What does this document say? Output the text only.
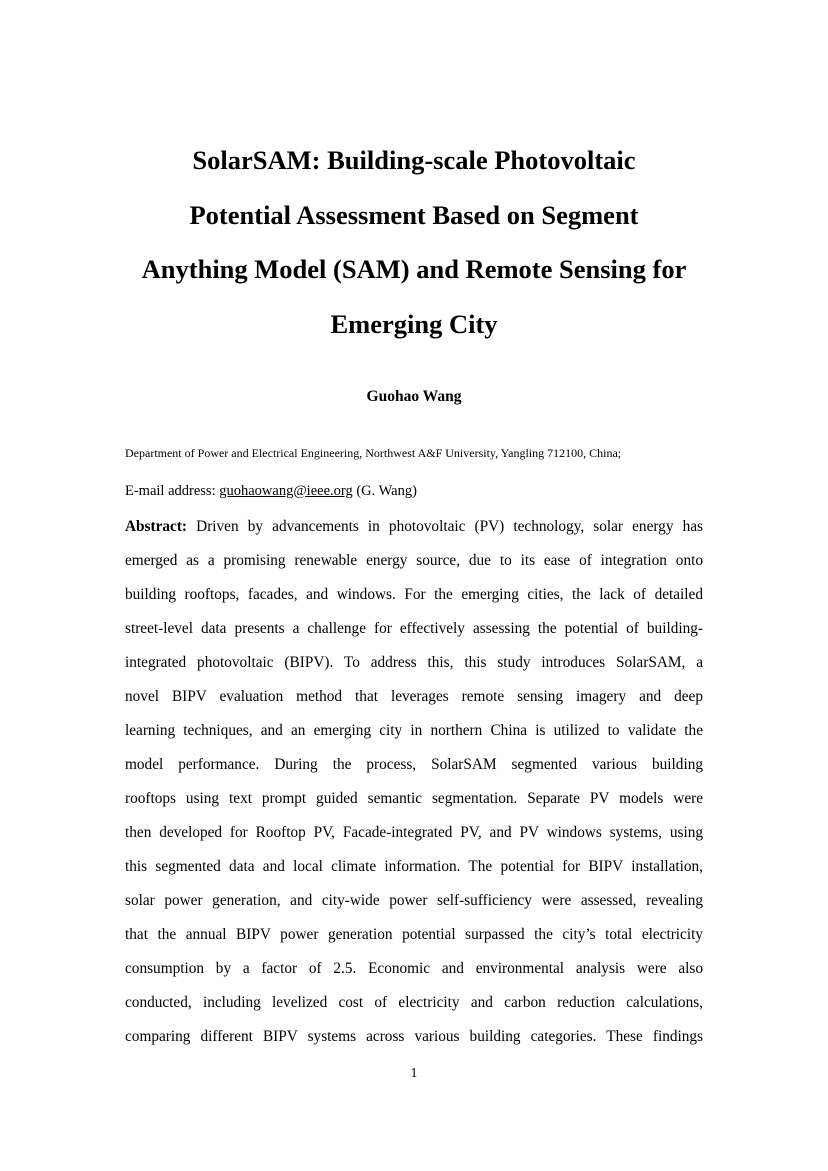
SolarSAM: Building-scale Photovoltaic
Potential Assessment Based on Segment
Anything Model (SAM) and Remote Sensing for
Emerging City
Guohao Wang
Department of Power and Electrical Engineering, Northwest A&F University, Yangling 712100, China;
E-mail address: guohaowang@ieee.org (G. Wang)
Abstract: Driven by advancements in photovoltaic (PV) technology, solar energy has
emerged as a promising renewable energy source, due to its ease of integration onto
building rooftops, facades, and windows. For the emerging cities, the lack of detailed
street-level data presents a challenge for effectively assessing the potential of building-
integrated photovoltaic (BIPV). To address this, this study introduces SolarSAM, a
novel BIPV evaluation method that leverages remote sensing imagery and deep
learning techniques, and an emerging city in northern China is utilized to validate the
model performance. During the process, SolarSAM segmented various building
rooftops using text prompt guided semantic segmentation. Separate PV models were
then developed for Rooftop PV, Facade-integrated PV, and PV windows systems, using
this segmented data and local climate information. The potential for BIPV installation,
solar power generation, and city-wide power self-sufficiency were assessed, revealing
that the annual BIPV power generation potential surpassed the city’s total electricity
consumption by a factor of 2.5. Economic and environmental analysis were also
conducted, including levelized cost of electricity and carbon reduction calculations,
comparing different BIPV systems across various building categories. These findings
1
